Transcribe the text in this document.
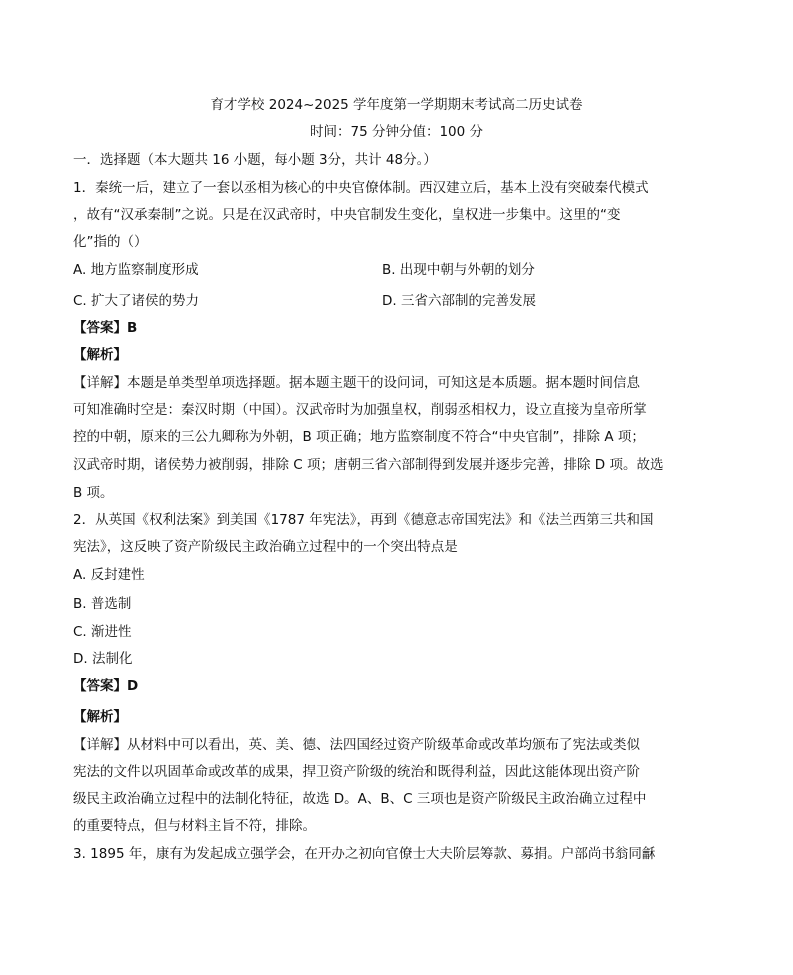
育才学校 2024~2025 学年度第一学期期末考试高二历史试卷
时间：75 分钟分值：100 分
一．选择题（本大题共 16 小题，每小题 3分，共计 48分。）
1．秦统一后，建立了一套以丞相为核心的中央官僚体制。西汉建立后，基本上没有突破秦代模式
，故有“汉承秦制”之说。只是在汉武帝时，中央官制发生变化，皇权进一步集中。这里的“变
化”指的（）
A. 地方监察制度形成	B. 出现中朝与外朝的划分
C. 扩大了诸侯的势力	D. 三省六部制的完善发展
【答案】B
【解析】
【详解】本题是单类型单项选择题。据本题主题干的设问词，可知这是本质题。据本题时间信息
可知准确时空是：秦汉时期（中国）。汉武帝时为加强皇权，削弱丞相权力，设立直接为皇帝所掌
控的中朝，原来的三公九卿称为外朝，B 项正确；地方监察制度不符合“中央官制”，排除 A 项；
汉武帝时期，诸侯势力被削弱，排除 C 项；唐朝三省六部制得到发展并逐步完善，排除 D 项。故选
B 项。
2．从英国《权利法案》到美国《1787 年宪法》，再到《德意志帝国宪法》和《法兰西第三共和国
宪法》，这反映了资产阶级民主政治确立过程中的一个突出特点是
A. 反封建性
B. 普选制
C. 渐进性
D. 法制化
【答案】D
【解析】
【详解】从材料中可以看出，英、美、德、法四国经过资产阶级革命或改革均颁布了宪法或类似
宪法的文件以巩固革命或改革的成果，捍卫资产阶级的统治和既得利益，因此这能体现出资产阶
级民主政治确立过程中的法制化特征，故选 D。A、B、C 三项也是资产阶级民主政治确立过程中
的重要特点，但与材料主旨不符，排除。
3. 1895 年，康有为发起成立强学会，在开办之初向官僚士大夫阶层筹款、募捐。户部尚书翁同龢
